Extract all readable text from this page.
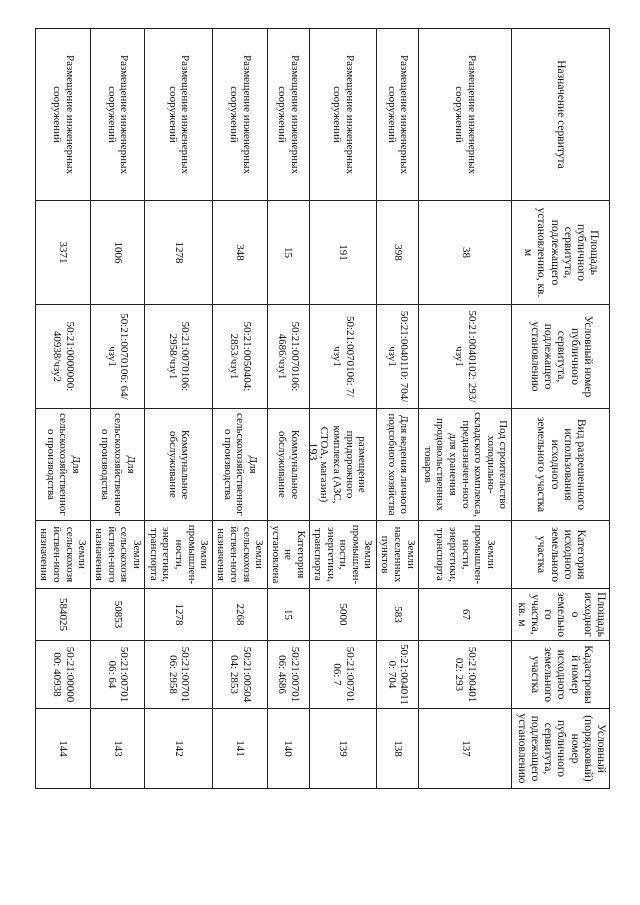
193
Назначение сервитута	Площадь публичного сервитута, подлежащего установлению, кв. м	Условный номер публичного сервитута, подлежащего установлению	Вид разрешенного использования исходного земельного участка	Категория исходного земельного участка	Площадь исходного земельного участка, кв. м	Кадастровый номер исходного земельного участка	Условный (порядковый) номер публичного сервитута, подлежащего установлению
Размещение инженерных сооружений	38	50:21:0040102: 293/чзу1	Под строительство холодильно-складского комплекса, предназначен-ного для хранения продовольственных товаров	Земли промышлен-ности, энергетики, транспорта	67	50:21:0040102: 293	137
Размещение инженерных сооружений	398	50:21:0040110: 704/чзу1	Для ведения личного подсобного хозяйства	Земли населенных пунктов	583	50:21:0040110: 704	138
Размещение инженерных сооружений	191	50:21:0070106: 7/чзу1	размещение придорожного комплекса (АЗС, СТОА, магазин)	Земли промышлен-ности, энергетики, транспорта	5000	50:21:0070106: 7	139
Размещение инженерных сооружений	15	50:21:0070106: 4686/чзу1	Коммунальное обслуживание	Категория не установлена	15	50:21:0070106: 4686	140
Размещение инженерных сооружений	348	50:21:0050404: 2853/чзу1	Для сельскохозяйственного производства	Земли сельскохозяйствен-ного назначения	2268	50:21:0050404: 2853	141
Размещение инженерных сооружений	1278	50:21:0070106: 2958/чзу1	Коммунальное обслуживание	Земли промышлен-ности, энергетики, транспорта	1278	50:21:0070106: 2958	142
Размещение инженерных сооружений	1006	50:21:0070106: 64/чзу1	Для сельскохозяйственного производства	Земли сельскохозяйствен-ного назначения	50853	50:21:0070106: 64	143
Размещение инженерных сооружений	3371	50:21:0000000: 40938/чзу2	Для сельскохозяйственного производства	Земли сельскохозяйствен-ного назначения	584025	50:21:0000000: 40938	144
